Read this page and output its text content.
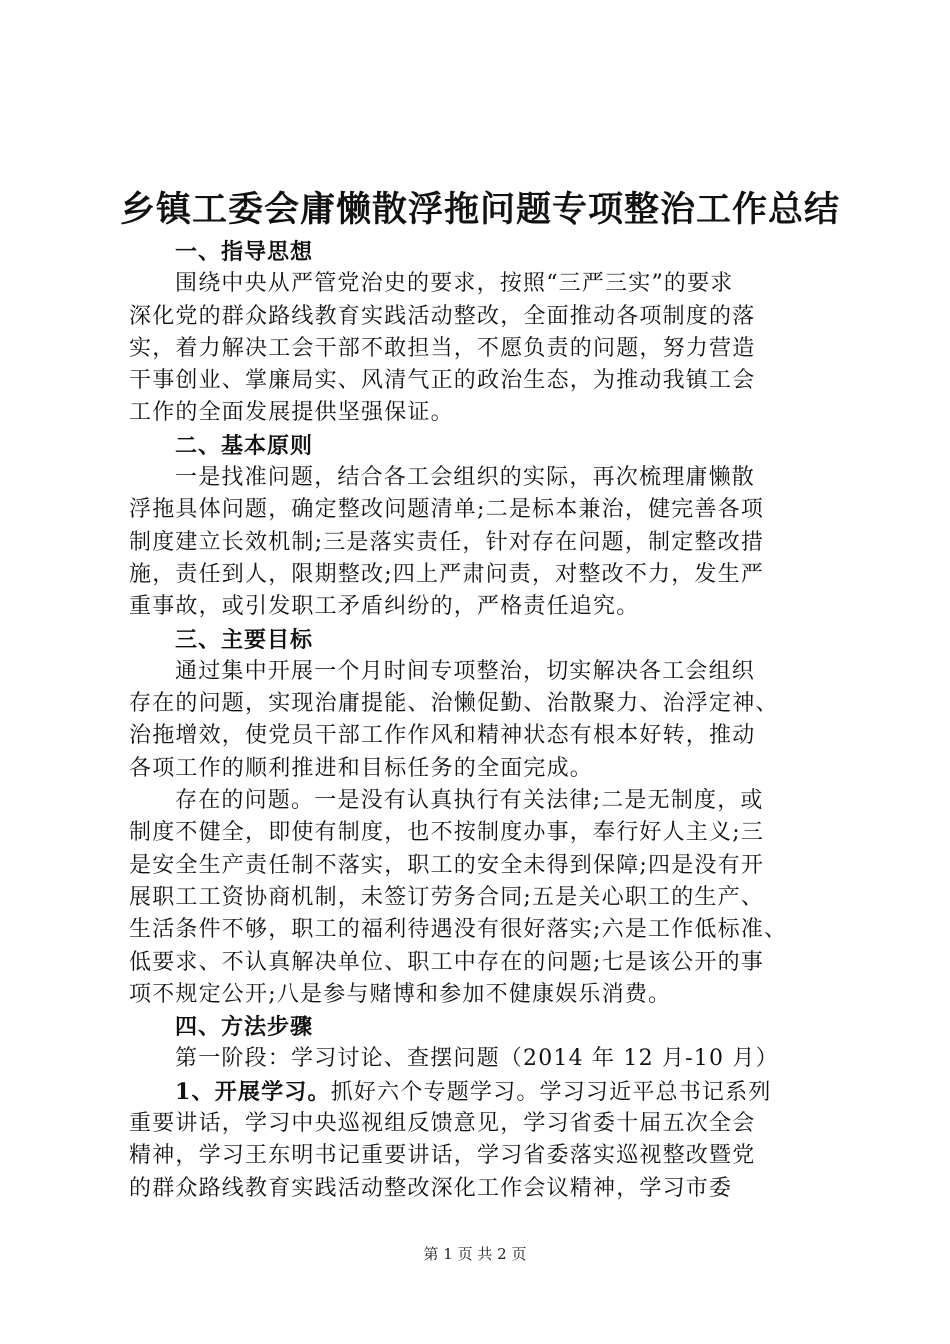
乡镇工委会庸懒散浮拖问题专项整治工作总结
一、指导思想
围绕中央从严管党治史的要求，按照“三严三实”的要求
深化党的群众路线教育实践活动整改，全面推动各项制度的落
实，着力解决工会干部不敢担当，不愿负责的问题，努力营造
干事创业、掌廉局实、风清气正的政治生态，为推动我镇工会
工作的全面发展提供坚强保证。
二、基本原则
一是找准问题，结合各工会组织的实际，再次梳理庸懒散
浮拖具体问题，确定整改问题清单;二是标本兼治，健完善各项
制度建立长效机制;三是落实责任，针对存在问题，制定整改措
施，责任到人，限期整改;四上严肃问责，对整改不力，发生严
重事故，或引发职工矛盾纠纷的，严格责任追究。
三、主要目标
通过集中开展一个月时间专项整治，切实解决各工会组织
存在的问题，实现治庸提能、治懒促勤、治散聚力、治浮定神、
治拖增效，使党员干部工作作风和精神状态有根本好转，推动
各项工作的顺利推进和目标任务的全面完成。
存在的问题。一是没有认真执行有关法律;二是无制度，或
制度不健全，即使有制度，也不按制度办事，奉行好人主义;三
是安全生产责任制不落实，职工的安全未得到保障;四是没有开
展职工工资协商机制，未签订劳务合同;五是关心职工的生产、
生活条件不够，职工的福利待遇没有很好落实;六是工作低标准、
低要求、不认真解决单位、职工中存在的问题;七是该公开的事
项不规定公开;八是参与赌博和参加不健康娱乐消费。
四、方法步骤
第一阶段：学习讨论、查摆问题（2014 年 12 月-10 月）
1、开展学习。抓好六个专题学习。学习习近平总书记系列
重要讲话，学习中央巡视组反馈意见，学习省委十届五次全会
精神，学习王东明书记重要讲话，学习省委落实巡视整改暨党
的群众路线教育实践活动整改深化工作会议精神，学习市委
第 1 页 共 2 页
